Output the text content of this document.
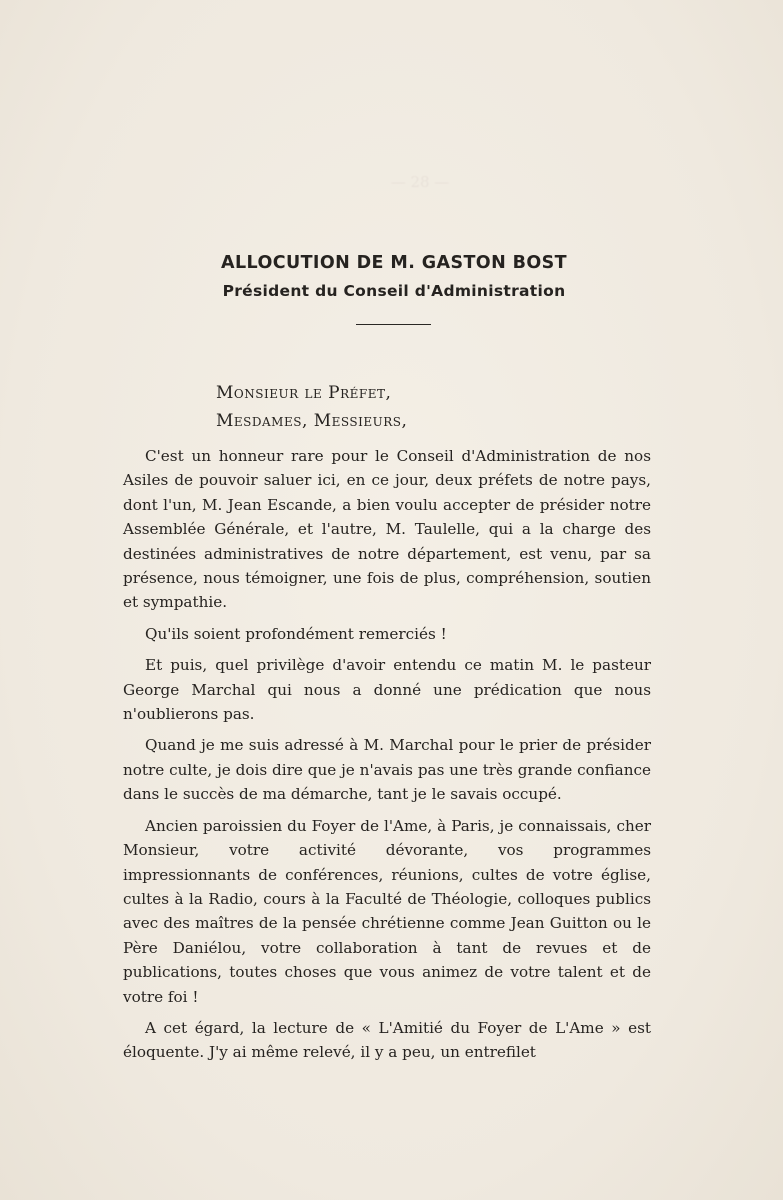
— 28 —
ALLOCUTION DE M. GASTON BOST
Président du Conseil d'Administration
Monsieur le Préfet,
Mesdames, Messieurs,

C'est un honneur rare pour le Conseil d'Administration de nos Asiles de pouvoir saluer ici, en ce jour, deux préfets de notre pays, dont l'un, M. Jean Escande, a bien voulu accepter de présider notre Assemblée Générale, et l'autre, M. Taulelle, qui a la charge des destinées administratives de notre département, est venu, par sa présence, nous témoigner, une fois de plus, compréhension, soutien et sympathie.

Qu'ils soient profondément remerciés !

Et puis, quel privilège d'avoir entendu ce matin M. le pasteur George Marchal qui nous a donné une prédication que nous n'oublierons pas.

Quand je me suis adressé à M. Marchal pour le prier de présider notre culte, je dois dire que je n'avais pas une très grande confiance dans le succès de ma démarche, tant je le savais occupé.

Ancien paroissien du Foyer de l'Ame, à Paris, je connaissais, cher Monsieur, votre activité dévorante, vos programmes impressionnants de conférences, réunions, cultes de votre église, cultes à la Radio, cours à la Faculté de Théologie, colloques publics avec des maîtres de la pensée chrétienne comme Jean Guitton ou le Père Daniélou, votre collaboration à tant de revues et de publications, toutes choses que vous animez de votre talent et de votre foi !

A cet égard, la lecture de « L'Amitié du Foyer de L'Ame » est éloquente. J'y ai même relevé, il y a peu, un entrefilet
